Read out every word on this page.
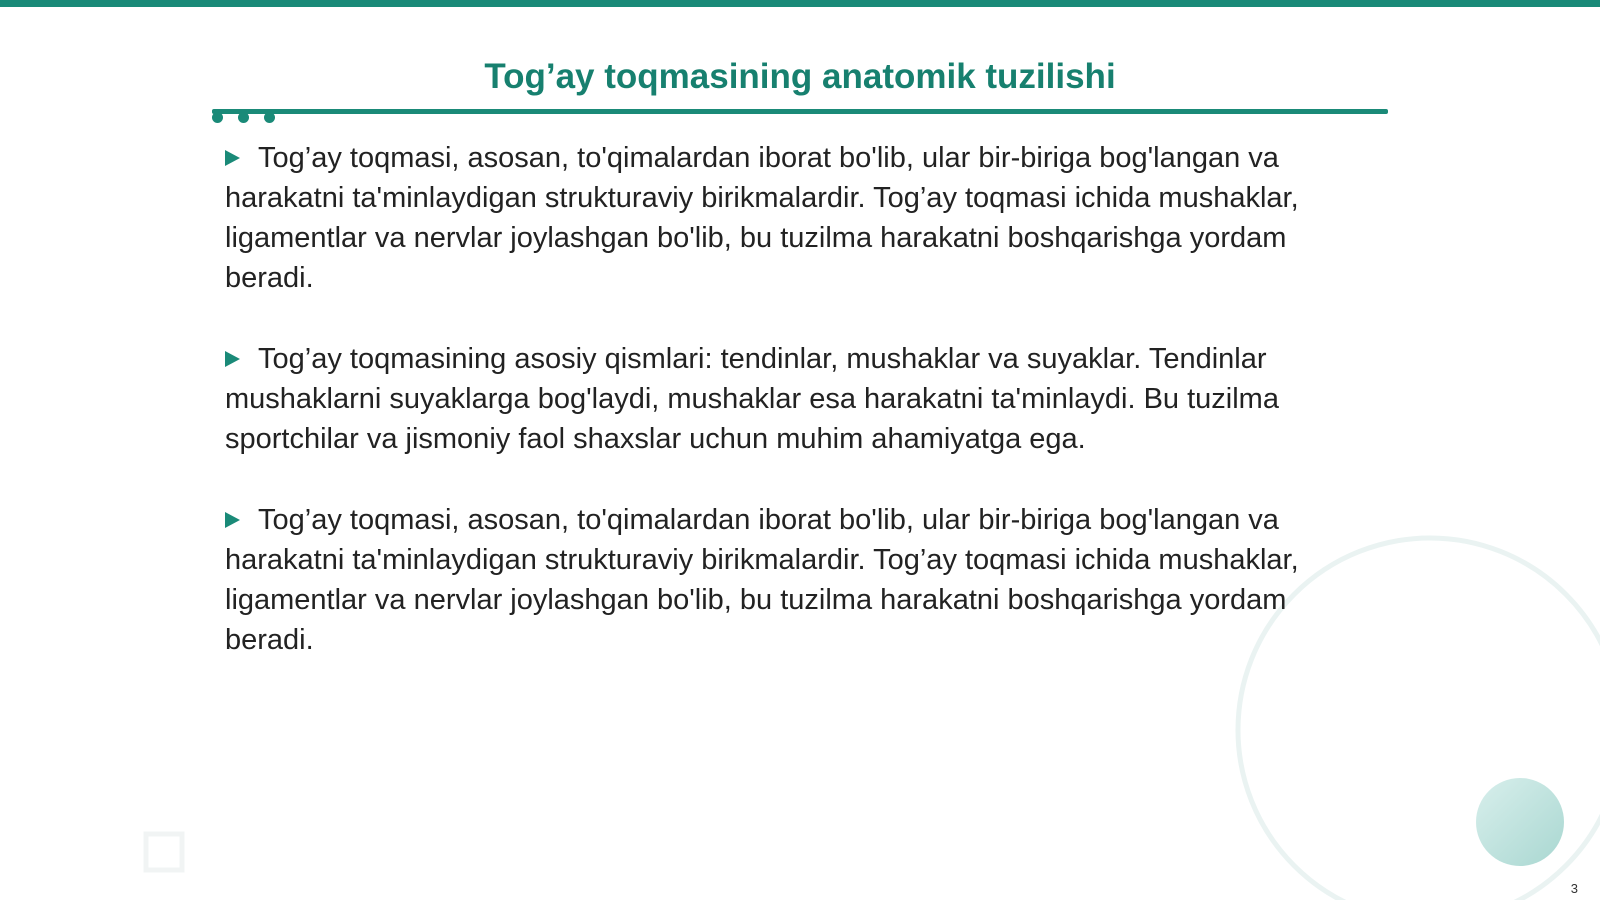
Tog’ay toqmasining anatomik tuzilishi

Tog’ay toqmasi, asosan, to'qimalardan iborat bo'lib, ular bir-biriga bog'langan va harakatni ta'minlaydigan strukturaviy birikmalardir. Tog’ay toqmasi ichida mushaklar, ligamentlar va nervlar joylashgan bo'lib, bu tuzilma harakatni boshqarishga yordam beradi.

Tog’ay toqmasining asosiy qismlari: tendinlar, mushaklar va suyaklar. Tendinlar mushaklarni suyaklarga bog'laydi, mushaklar esa harakatni ta'minlaydi. Bu tuzilma sportchilar va jismoniy faol shaxslar uchun muhim ahamiyatga ega.

Tog’ay toqmasi, asosan, to'qimalardan iborat bo'lib, ular bir-biriga bog'langan va harakatni ta'minlaydigan strukturaviy birikmalardir. Tog’ay toqmasi ichida mushaklar, ligamentlar va nervlar joylashgan bo'lib, bu tuzilma harakatni boshqarishga yordam beradi.

3
